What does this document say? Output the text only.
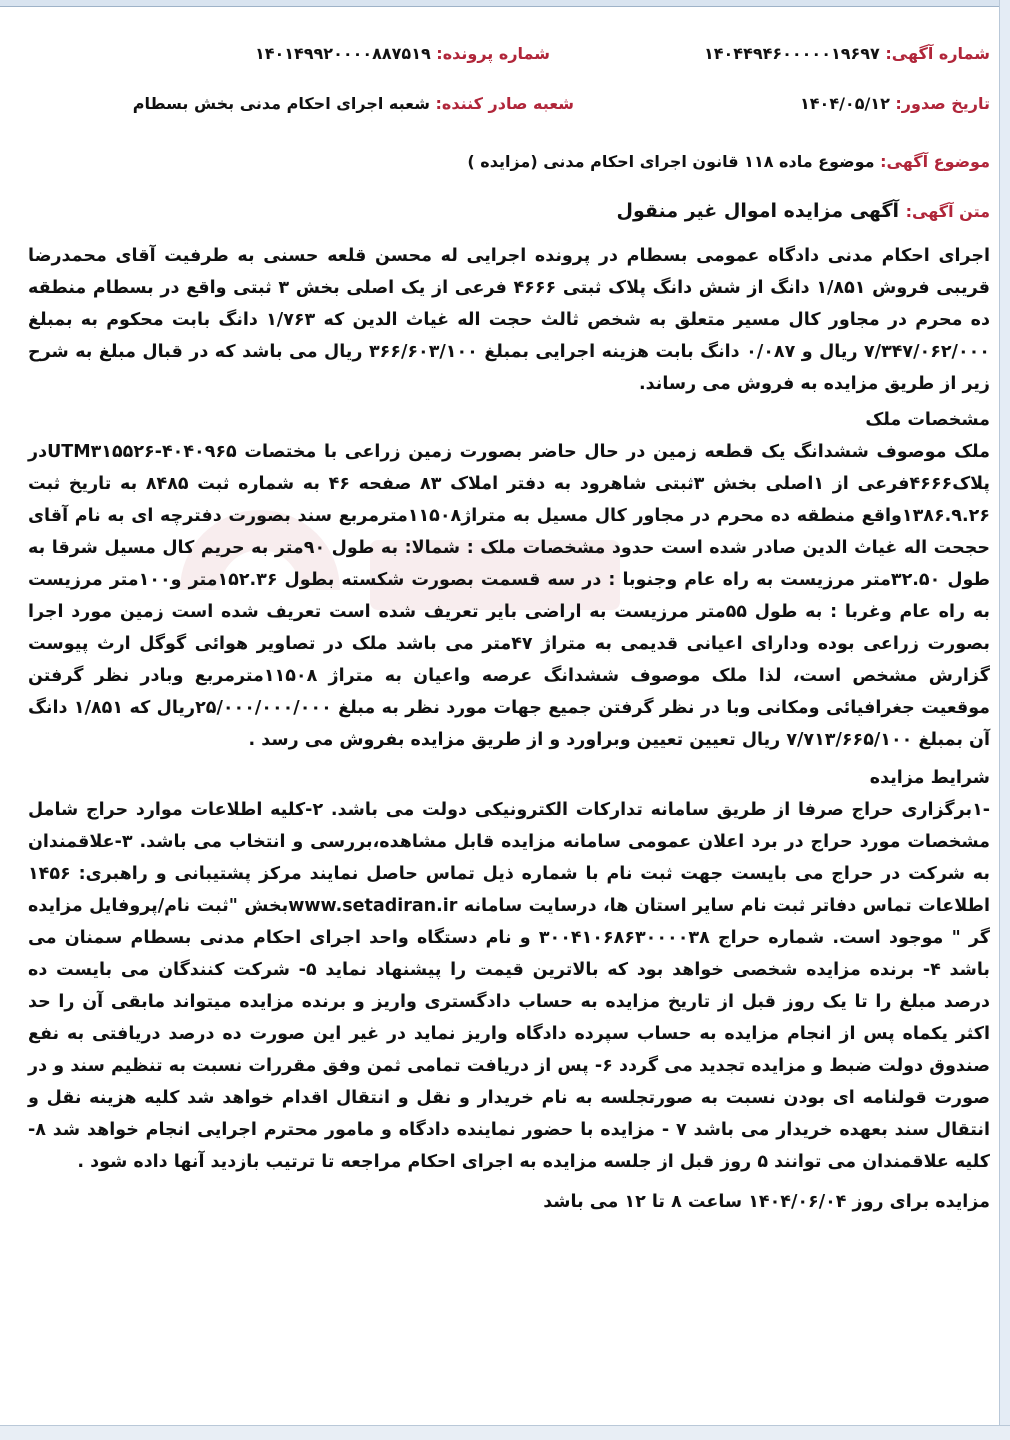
شماره آگهی: ۱۴۰۴۴۹۴۶۰۰۰۰۰۱۹۶۹۷
شماره پرونده: ۱۴۰۱۴۹۹۲۰۰۰۰۸۸۷۵۱۹
تاریخ صدور: ۱۴۰۴/۰۵/۱۲
شعبه صادر کننده: شعبه اجرای احکام مدنی بخش بسطام
موضوع آگهی: موضوع ماده ۱۱۸ قانون اجرای احکام مدنی (مزایده )
متن آگهی: آگهی مزایده اموال غیر منقول
اجرای احکام مدنی دادگاه عمومی بسطام در پرونده اجرایی له محسن قلعه حسنی به طرفیت آقای محمدرضا قریبی فروش ۱/۸۵۱ دانگ از شش دانگ پلاک ثبتی ۴۶۶۶ فرعی از یک اصلی بخش ۳ ثبتی واقع در بسطام منطقه ده محرم در مجاور کال مسیر متعلق به شخص ثالث حجت اله غیاث الدین که ۱/۷۶۳ دانگ بابت محکوم به بمبلغ ۷/۳۴۷/۰۶۲/۰۰۰ ریال و ۰/۰۸۷ دانگ بابت هزینه اجرایی بمبلغ ۳۶۶/۶۰۳/۱۰۰ ریال می باشد که در قبال مبلغ به شرح زیر از طریق مزایده به فروش می رساند.
مشخصات ملک
ملک موصوف ششدانگ یک قطعه زمین در حال حاضر بصورت زمین زراعی با مختصات UTM۳۱۵۵۲۶-۴۰۴۰۹۶۵در پلاک۴۶۶۶فرعی از ۱اصلی بخش ۳ثبتی شاهرود به دفتر املاک ۸۳ صفحه ۴۶ به شماره ثبت ۸۴۸۵ به تاریخ ثبت ۱۳۸۶.۹.۲۶واقع منطقه ده محرم در مجاور کال مسیل به متراژ۱۱۵۰۸مترمربع سند بصورت دفترچه ای به نام آقای حجحت اله غیاث الدین صادر شده است حدود مشخصات ملک : شمالا: به طول ۹۰متر به حریم کال مسیل شرقا به طول ۳۲.۵۰متر مرزیست به راه عام وجنوبا : در سه قسمت بصورت شکسته بطول ۱۵۲.۳۶متر و۱۰۰متر مرزیست به راه عام وغربا : به طول ۵۵متر مرزیست به اراضی بایر تعریف شده است تعریف شده است زمین مورد اجرا بصورت زراعی بوده ودارای اعیانی قدیمی به متراژ ۴۷متر می باشد ملک در تصاویر هوائی گوگل ارث پیوست گزارش مشخص است، لذا ملک موصوف ششدانگ عرصه واعیان به متراژ ۱۱۵۰۸مترمربع وبادر نظر گرفتن موقعیت جغرافیائی ومکانی وبا در نظر گرفتن جمیع جهات مورد نظر به مبلغ ۲۵/۰۰۰/۰۰۰/۰۰۰ریال که ۱/۸۵۱ دانگ آن بمبلغ ۷/۷۱۳/۶۶۵/۱۰۰ ریال تعیین تعیین وبراورد و از طریق مزایده بفروش می رسد .
شرایط مزایده
-۱برگزاری حراج صرفا از طریق سامانه تدارکات الکترونیکی دولت می باشد. ۲-کلیه اطلاعات موارد حراج شامل مشخصات مورد حراج در برد اعلان عمومی سامانه مزایده قابل مشاهده،بررسی و انتخاب می باشد. ۳-علاقمندان به شرکت در حراج می بایست جهت ثبت نام با شماره ذیل تماس حاصل نمایند مرکز پشتیبانی و راهبری: ۱۴۵۶ اطلاعات تماس دفاتر ثبت نام سایر استان ها، درسایت سامانه www.setadiran.irبخش "ثبت نام/پروفایل مزایده گر " موجود است. شماره حراج ۳۰۰۴۱۰۶۸۶۳۰۰۰۰۳۸ و نام دستگاه واحد اجرای احکام مدنی بسطام سمنان می باشد ۴- برنده مزایده شخصی خواهد بود که بالاترین قیمت را پیشنهاد نماید ۵- شرکت کنندگان می بایست ده درصد مبلغ را تا یک روز قبل از تاریخ مزایده به حساب دادگستری واریز و برنده مزایده میتواند مابقی آن را حد اکثر یکماه پس از انجام مزایده به حساب سپرده دادگاه واریز نماید در غیر این صورت ده درصد دریافتی به نفع صندوق دولت ضبط و مزایده تجدید می گردد ۶- پس از دریافت تمامی ثمن وفق مقررات نسبت به تنظیم سند و در صورت قولنامه ای بودن نسبت به صورتجلسه به نام خریدار و نقل و انتقال اقدام خواهد شد کلیه هزینه نقل و انتقال سند بعهده خریدار می باشد ۷ - مزایده با حضور نماینده دادگاه و مامور محترم اجرایی انجام خواهد شد ۸-کلیه علاقمندان می توانند ۵ روز قبل از جلسه مزایده به اجرای احکام مراجعه تا ترتیب بازدید آنها داده شود .
مزایده برای روز ۱۴۰۴/۰۶/۰۴ ساعت ۸ تا ۱۲ می باشد
